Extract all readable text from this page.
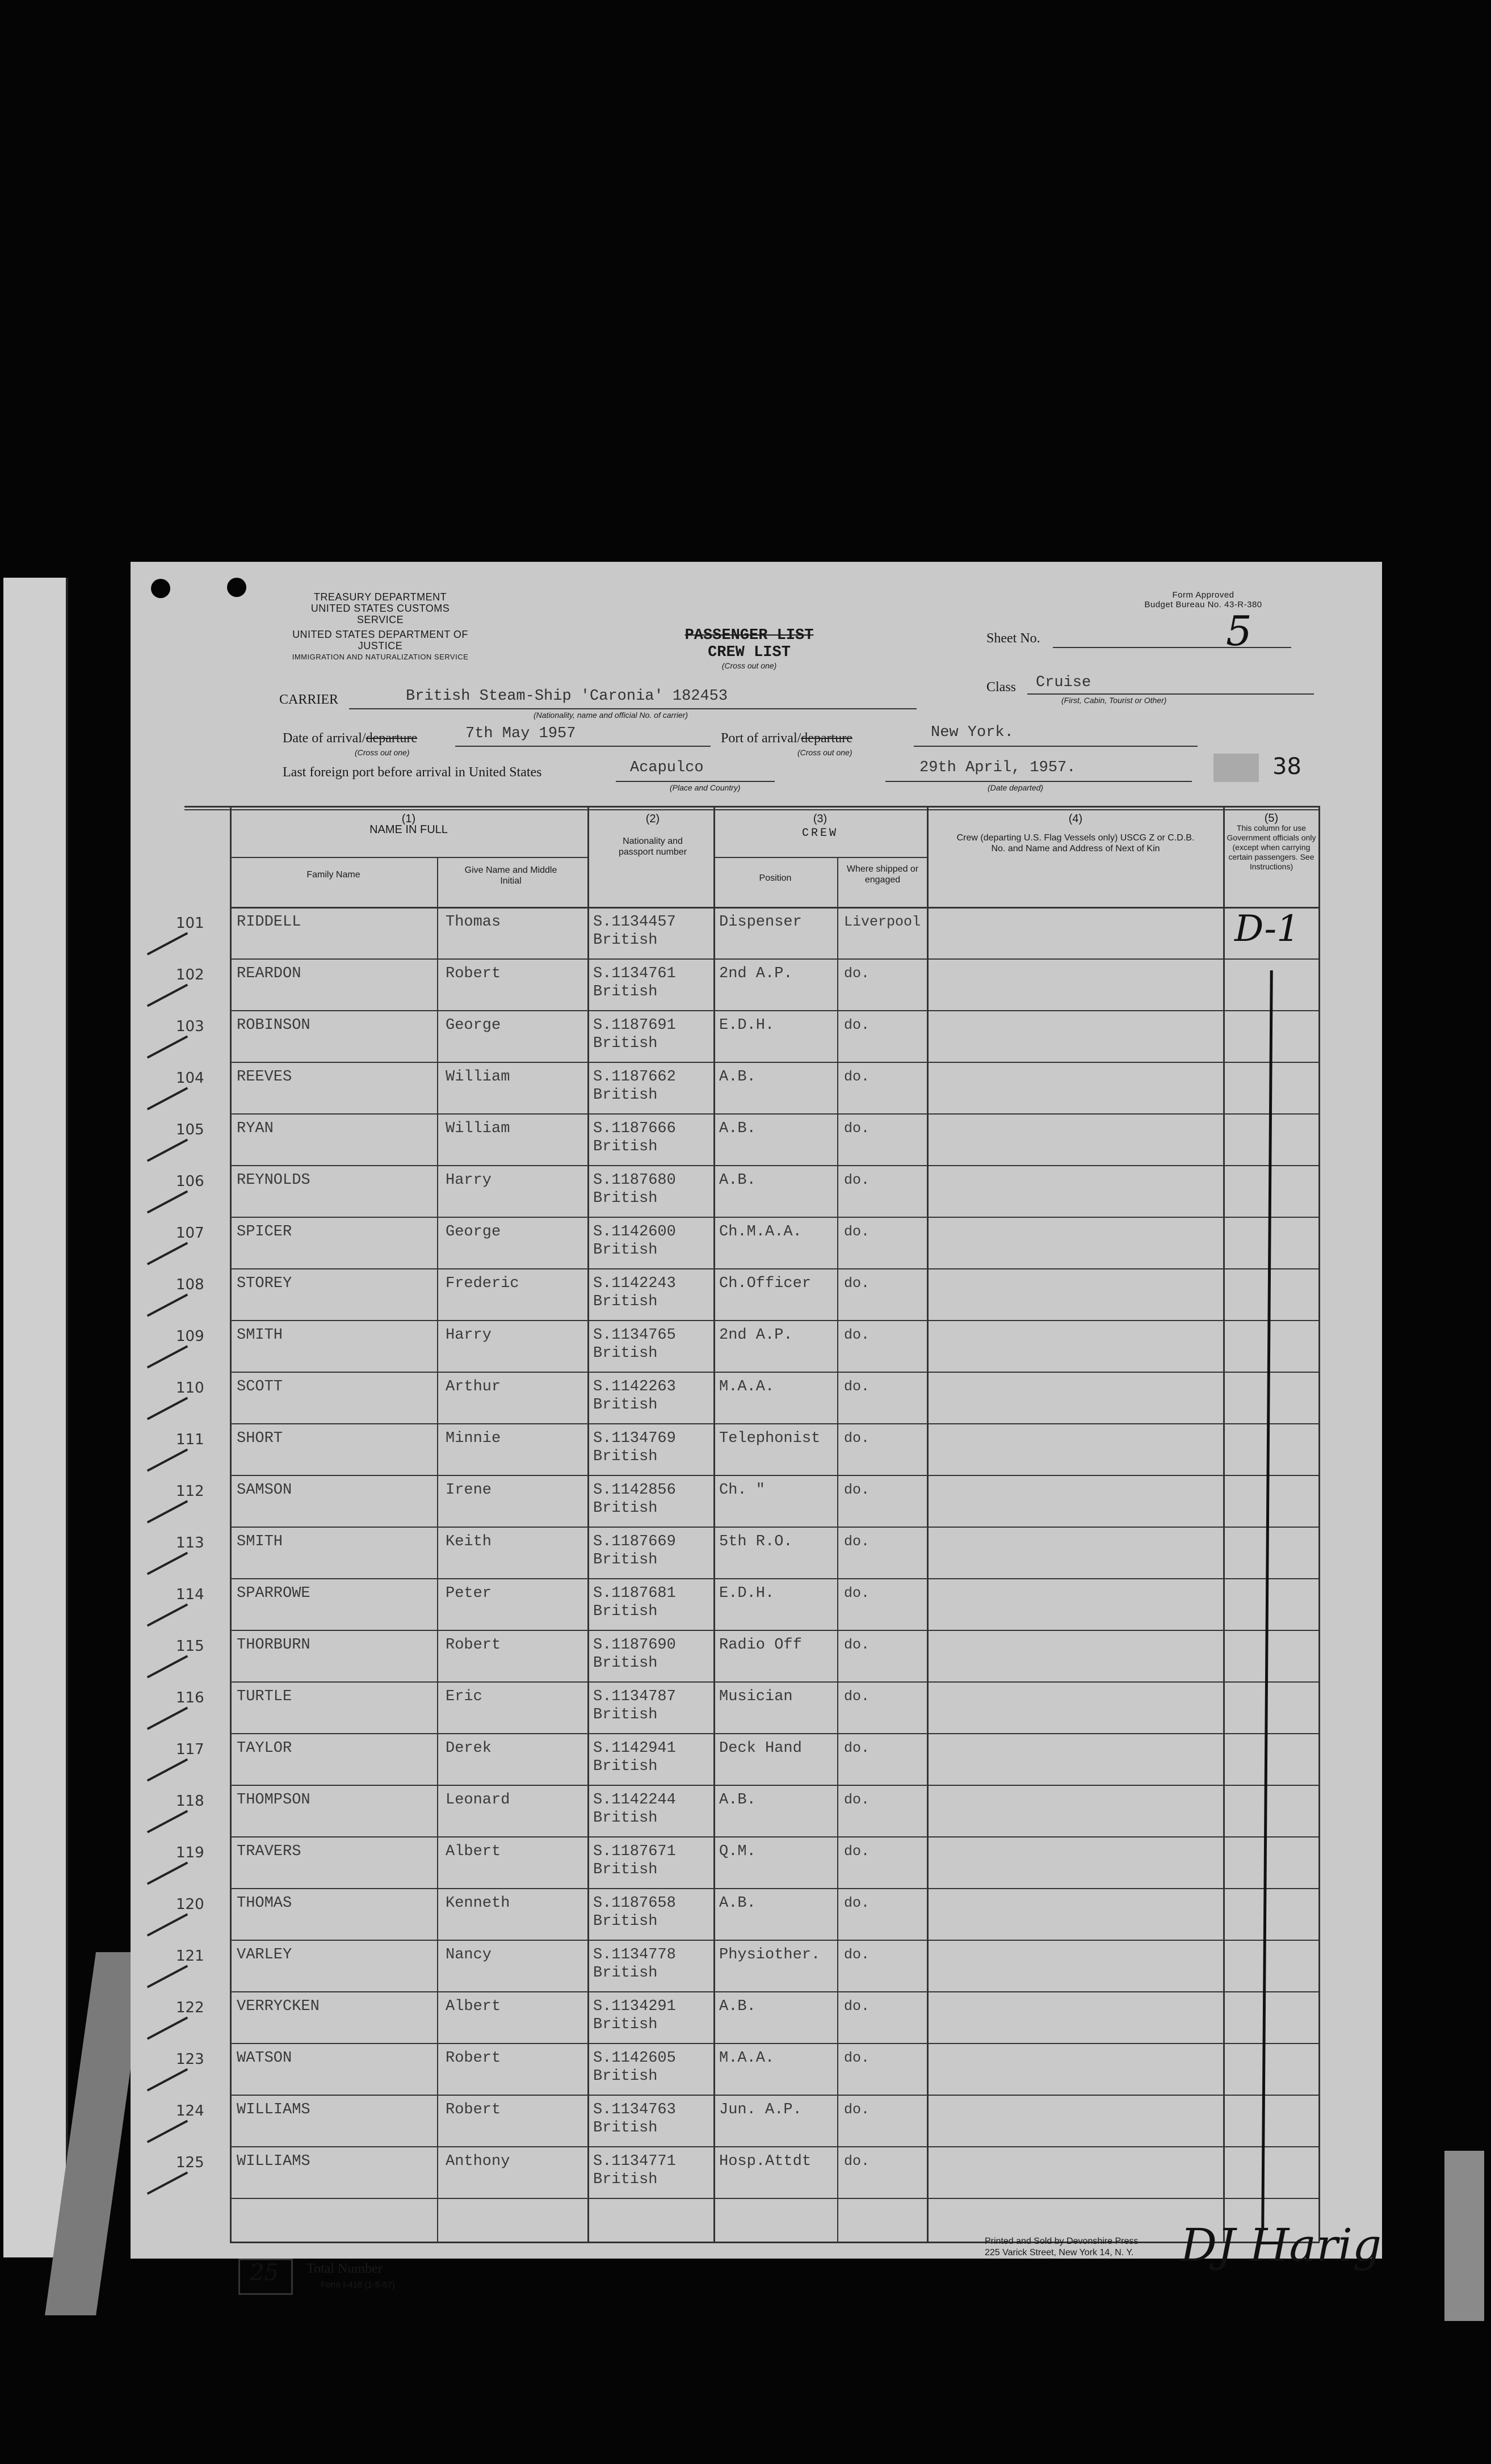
TREASURY DEPARTMENT
UNITED STATES CUSTOMS SERVICE
UNITED STATES DEPARTMENT OF JUSTICE
IMMIGRATION AND NATURALIZATION SERVICE
Form Approved
Budget Bureau No. 43-R-380
PASSENGER LIST
CREW LIST
(Cross out one)
Sheet No.	5
CARRIER	British Steam-Ship 'Caronia' 182453
(Nationality, name and official No. of carrier)
Class Cruise
(First, Cabin, Tourist or Other)
Date of arrival/departure	7th May 1957
(Cross out one)
Port of arrival/departure	New York.
(Cross out one)
Last foreign port before arrival in United States	Acapulco
(Place and Country)
29th April, 1957.
(Date departed)
38
(1)
NAME IN FULL
Family Name	Give Name and Middle Initial
(2)
Nationality and passport number
(3)
CREW
Position
Where shipped or engaged
(4)
Crew (departing U.S. Flag Vessels only) USCG Z or C.D.B. No. and Name and Address of Next of Kin
(5)
This column for use Government officials only (except when carrying certain passengers. See Instructions)
101	RIDDELL	Thomas	S.1134457
British
Dispenser	Liverpool
102	REARDON	Robert	S.1134761
British
2nd A.P.	do.
103	ROBINSON	George	S.1187691
British
E.D.H.	do.
104	REEVES	William	S.1187662
British
A.B.	do.
105	RYAN	William	S.1187666
British
A.B.	do.
106	REYNOLDS	Harry	S.1187680
British
A.B.	do.
107	SPICER	George	S.1142600
British
Ch.M.A.A.	do.
108	STOREY	Frederic	S.1142243
British
Ch.Officer do.
109	SMITH	Harry	S.1134765
British
2nd A.P.	do.
110	SCOTT	Arthur	S.1142263
British
M.A.A.	do.
111	SHORT	Minnie	S.1134769
British
Telephonist do.
112	SAMSON	Irene	S.1142856
British
Ch. "	do.
113	SMITH	Keith	S.1187669
British
5th R.O.	do.
114	SPARROWE	Peter	S.1187681
British
E.D.H.	do.
115	THORBURN	Robert	S.1187690
British
Radio Off	do.
116	TURTLE	Eric	S.1134787
British
Musician	do.
117	TAYLOR	Derek	S.1142941
British
Deck Hand	do.
118	THOMPSON	Leonard	S.1142244
British
A.B.	do.
119	TRAVERS	Albert	S.1187671
British
Q.M.	do.
120	THOMAS	Kenneth	S.1187658
British
A.B.	do.
121	VARLEY	Nancy	S.1134778
British
Physiother. do.
122	VERRYCKEN	Albert	S.1134291
British
A.B.	do.
123	WATSON	Robert	S.1142605
British
M.A.A.	do.
124	WILLIAMS	Robert	S.1134763
British
Jun. A.P.	do.
125	WILLIAMS	Anthony	S.1134771
British
Hosp.Attdt do.
D-1
25 Total Number
Form I-418 (1-5-57)
Printed and Sold by Devonshire Press
225 Varick Street, New York 14, N. Y. DJ Harig
